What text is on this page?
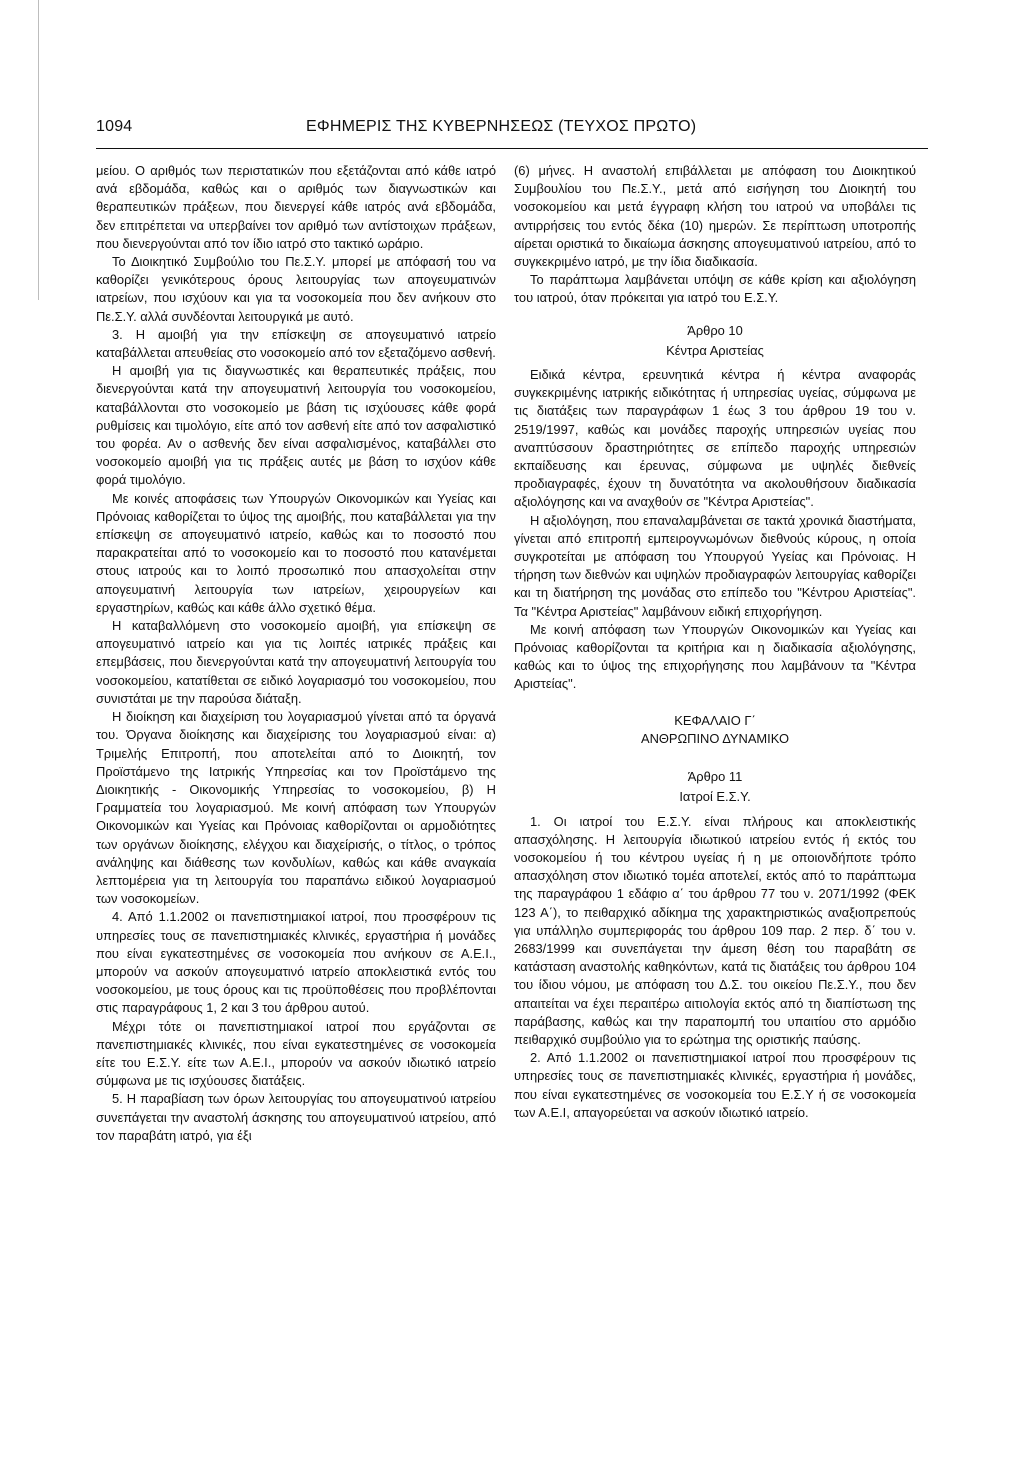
1094	ΕΦΗΜΕΡΙΣ ΤΗΣ ΚΥΒΕΡΝΗΣΕΩΣ (ΤΕΥΧΟΣ ΠΡΩΤΟ)

μείου. Ο αριθμός των περιστατικών που εξετάζονται από κάθε ιατρό ανά εβδομάδα, καθώς και ο αριθμός των διαγνωστικών και θεραπευτικών πράξεων, που διενεργεί κάθε ιατρός ανά εβδομάδα, δεν επιτρέπεται να υπερβαίνει τον αριθμό των αντίστοιχων πράξεων, που διενεργούνται από τον ίδιο ιατρό στο τακτικό ωράριο.

Το Διοικητικό Συμβούλιο του Πε.Σ.Υ. μπορεί με απόφασή του να καθορίζει γενικότερους όρους λειτουργίας των απογευματινών ιατρείων, που ισχύουν και για τα νοσοκομεία που δεν ανήκουν στο Πε.Σ.Υ. αλλά συνδέονται λειτουργικά με αυτό.

3. Η αμοιβή για την επίσκεψη σε απογευματινό ιατρείο καταβάλλεται απευθείας στο νοσοκομείο από τον εξεταζόμενο ασθενή.

Η αμοιβή για τις διαγνωστικές και θεραπευτικές πράξεις, που διενεργούνται κατά την απογευματινή λειτουργία του νοσοκομείου, καταβάλλονται στο νοσοκομείο με βάση τις ισχύουσες κάθε φορά ρυθμίσεις και τιμολόγιο, είτε από τον ασθενή είτε από τον ασφαλιστικό του φορέα. Αν ο ασθενής δεν είναι ασφαλισμένος, καταβάλλει στο νοσοκομείο αμοιβή για τις πράξεις αυτές με βάση το ισχύον κάθε φορά τιμολόγιο.

Με κοινές αποφάσεις των Υπουργών Οικονομικών και Υγείας και Πρόνοιας καθορίζεται το ύψος της αμοιβής, που καταβάλλεται για την επίσκεψη σε απογευματινό ιατρείο, καθώς και το ποσοστό που παρακρατείται από το νοσοκομείο και το ποσοστό που κατανέμεται στους ιατρούς και το λοιπό προσωπικό που απασχολείται στην απογευματινή λειτουργία των ιατρείων, χειρουργείων και εργαστηρίων, καθώς και κάθε άλλο σχετικό θέμα.

Η καταβαλλόμενη στο νοσοκομείο αμοιβή, για επίσκεψη σε απογευματινό ιατρείο και για τις λοιπές ιατρικές πράξεις και επεμβάσεις, που διενεργούνται κατά την απογευματινή λειτουργία του νοσοκομείου, κατατίθεται σε ειδικό λογαριασμό του νοσοκομείου, που συνιστάται με την παρούσα διάταξη.

Η διοίκηση και διαχείριση του λογαριασμού γίνεται από τα όργανά του. Όργανα διοίκησης και διαχείρισης του λογαριασμού είναι: α) Τριμελής Επιτροπή, που αποτελείται από το Διοικητή, τον Προϊστάμενο της Ιατρικής Υπηρεσίας και τον Προϊστάμενο της Διοικητικής - Οικονομικής Υπηρεσίας το νοσοκομείου, β) Η Γραμματεία του λογαριασμού. Με κοινή απόφαση των Υπουργών Οικονομικών και Υγείας και Πρόνοιας καθορίζονται οι αρμοδιότητες των οργάνων διοίκησης, ελέγχου και διαχείρισής, ο τίτλος, ο τρόπος ανάληψης και διάθεσης των κονδυλίων, καθώς και κάθε αναγκαία λεπτομέρεια για τη λειτουργία του παραπάνω ειδικού λογαριασμού των νοσοκομείων.

4. Από 1.1.2002 οι πανεπιστημιακοί ιατροί, που προσφέρουν τις υπηρεσίες τους σε πανεπιστημιακές κλινικές, εργαστήρια ή μονάδες που είναι εγκατεστημένες σε νοσοκομεία που ανήκουν σε Α.Ε.Ι., μπορούν να ασκούν απογευματινό ιατρείο αποκλειστικά εντός του νοσοκομείου, με τους όρους και τις προϋποθέσεις που προβλέπονται στις παραγράφους 1, 2 και 3 του άρθρου αυτού.

Μέχρι τότε οι πανεπιστημιακοί ιατροί που εργάζονται σε πανεπιστημιακές κλινικές, που είναι εγκατεστημένες σε νοσοκομεία είτε του Ε.Σ.Υ. είτε των Α.Ε.Ι., μπορούν να ασκούν ιδιωτικό ιατρείο σύμφωνα με τις ισχύουσες διατάξεις.

5. Η παραβίαση των όρων λειτουργίας του απογευματινού ιατρείου συνεπάγεται την αναστολή άσκησης του απογευματινού ιατρείου, από τον παραβάτη ιατρό, για έξι

(6) μήνες. Η αναστολή επιβάλλεται με απόφαση του Διοικητικού Συμβουλίου του Πε.Σ.Υ., μετά από εισήγηση του Διοικητή του νοσοκομείου και μετά έγγραφη κλήση του ιατρού να υποβάλει τις αντιρρήσεις του εντός δέκα (10) ημερών. Σε περίπτωση υποτροπής αίρεται οριστικά το δικαίωμα άσκησης απογευματινού ιατρείου, από το συγκεκριμένο ιατρό, με την ίδια διαδικασία.

Το παράπτωμα λαμβάνεται υπόψη σε κάθε κρίση και αξιολόγηση του ιατρού, όταν πρόκειται για ιατρό του Ε.Σ.Υ.

Άρθρο 10

Κέντρα Αριστείας

Ειδικά κέντρα, ερευνητικά κέντρα ή κέντρα αναφοράς συγκεκριμένης ιατρικής ειδικότητας ή υπηρεσίας υγείας, σύμφωνα με τις διατάξεις των παραγράφων 1 έως 3 του άρθρου 19 του ν. 2519/1997, καθώς και μονάδες παροχής υπηρεσιών υγείας που αναπτύσσουν δραστηριότητες σε επίπεδο παροχής υπηρεσιών εκπαίδευσης και έρευνας, σύμφωνα με υψηλές διεθνείς προδιαγραφές, έχουν τη δυνατότητα να ακολουθήσουν διαδικασία αξιολόγησης και να αναχθούν σε "Κέντρα Αριστείας".

Η αξιολόγηση, που επαναλαμβάνεται σε τακτά χρονικά διαστήματα, γίνεται από επιτροπή εμπειρογνωμόνων διεθνούς κύρους, η οποία συγκροτείται με απόφαση του Υπουργού Υγείας και Πρόνοιας. Η τήρηση των διεθνών και υψηλών προδιαγραφών λειτουργίας καθορίζει και τη διατήρηση της μονάδας στο επίπεδο του "Κέντρου Αριστείας". Τα "Κέντρα Αριστείας" λαμβάνουν ειδική επιχορήγηση.

Με κοινή απόφαση των Υπουργών Οικονομικών και Υγείας και Πρόνοιας καθορίζονται τα κριτήρια και η διαδικασία αξιολόγησης, καθώς και το ύψος της επιχορήγησης που λαμβάνουν τα "Κέντρα Αριστείας".

ΚΕΦΑΛΑΙΟ Γ΄

ΑΝΘΡΩΠΙΝΟ ΔΥΝΑΜΙΚΟ

Άρθρο 11

Ιατροί Ε.Σ.Υ.

1. Οι ιατροί του Ε.Σ.Υ. είναι πλήρους και αποκλειστικής απασχόλησης. Η λειτουργία ιδιωτικού ιατρείου εντός ή εκτός του νοσοκομείου ή του κέντρου υγείας ή η με οποιονδήποτε τρόπο απασχόληση στον ιδιωτικό τομέα αποτελεί, εκτός από το παράπτωμα της παραγράφου 1 εδάφιο α΄ του άρθρου 77 του ν. 2071/1992 (ΦΕΚ 123 Α΄), το πειθαρχικό αδίκημα της χαρακτηριστικώς αναξιοπρεπούς για υπάλληλο συμπεριφοράς του άρθρου 109 παρ. 2 περ. δ΄ του ν. 2683/1999 και συνεπάγεται την άμεση θέση του παραβάτη σε κατάσταση αναστολής καθηκόντων, κατά τις διατάξεις του άρθρου 104 του ίδιου νόμου, με απόφαση του Δ.Σ. του οικείου Πε.Σ.Υ., που δεν απαιτείται να έχει περαιτέρω αιτιολογία εκτός από τη διαπίστωση της παράβασης, καθώς και την παραπομπή του υπαιτίου στο αρμόδιο πειθαρχικό συμβούλιο για το ερώτημα της οριστικής παύσης.

2. Από 1.1.2002 οι πανεπιστημιακοί ιατροί που προσφέρουν τις υπηρεσίες τους σε πανεπιστημιακές κλινικές, εργαστήρια ή μονάδες, που είναι εγκατεστημένες σε νοσοκομεία του Ε.Σ.Υ ή σε νοσοκομεία των Α.Ε.Ι, απαγορεύεται να ασκούν ιδιωτικό ιατρείο.
